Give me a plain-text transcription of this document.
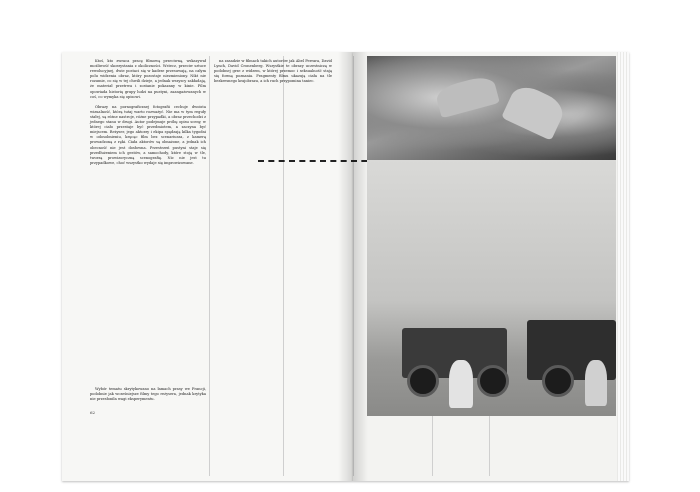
Ktoś, kto zwraca pracę filmową przeciwną, wskazywał możliwość skorzystania z okoliczności. Wstecz, przeciw sztuce rewolucyjnej, dwie postaci się w kadrze przesuwają, na całym polu widzenia obraz, który pozostaje niezmieniony. Nikt nie rozumie, co się w tej chwili dzieje, a jednak wszyscy zakładają, że materiał przetrwa i zostanie pokazany w kinie. Film opowiada historię grupy ludzi na pustyni, zaangażowanych w coś, co wymyka się opisowi.

Obrazy na pornograficznej fotografii cechuje dwoista wizualność, którą tutaj warto rozważyć. Nie ma w tym reguły stałej, są różne nastroje, różne przypadki, a obraz przechodzi z jednego stanu w drugi. Autor podejmuje próbę opisu sceny, w której ciało przestaje być przedmiotem, a zaczyna być miejscem. Reżyser, jego aktorzy i ekipa spędzają kilka tygodni w odosobnieniu, kręcąc film bez scenariusza, z kamerą prowadzoną z ręki. Ciała aktorów są obnażone, a jednak ich obecność nie jest dosłowna. Przestrzeń pustyni staje się przedłużeniem ich gestów, a samochody, które stoją w tle, tworzą prowizoryczną scenografię. Nic nie jest tu przypadkowe, choć wszystko wydaje się improwizowane.

Wybór tematu skrytykowano na łamach prasy we Francji, podobnie jak wcześniejsze filmy tego reżysera, jednak krytyka nie przesłoniła wagi eksperymentu.

na zasadzie w filmach takich autorów jak Abel Ferrara, David Lynch, David Cronenberg. Wszystkie te obrazy uczestniczą w podobnej grze z widzem, w której przemoc i seksualność stają się formą poznania. Fragmenty filmu ukazują ciała na tle bezkresnego krajobrazu, a ich ruch przypomina taniec.

62
